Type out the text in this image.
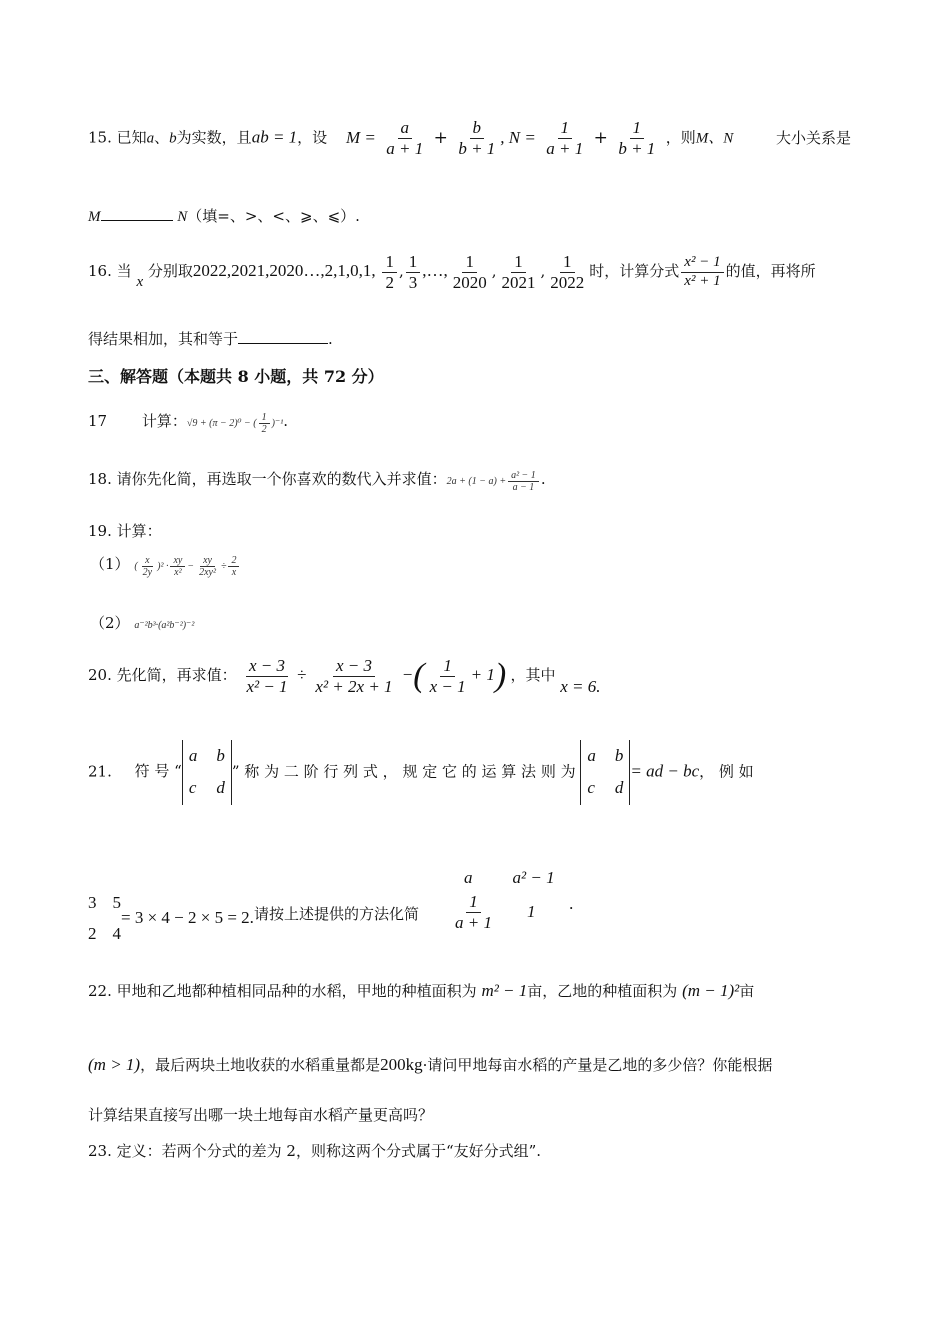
15. 已知a、b为实数，且ab = 1，设 $M = \frac{a}{a + 1} + \frac{b}{b + 1}$ , $N = \frac{1}{a + 1} + \frac{1}{b + 1}$ ，则M、N	大小关系是
M	N（填=、>、<、⩾、⩽）.
16. 当 x 分别取2022,2021,2020…,2,1,0,1, $\frac{1}{2}$ , $\frac{1}{3}$ ,…, $\frac{1}{2020}$ , $\frac{1}{2021}$ , $\frac{1}{2022}$ 时，计算分式 $\frac{\text{x² − 1}}{\text{x² + 1}}$ 的值，再将所
得结果相加，其和等于	.
三、解答题（本题共 8 小题，共 72 分）
17 计算：√9 + (π − 2)⁰ − ( $\frac{1}{2} )^{-1}$.
18. 请你先化简，再选取一个你喜欢的数代入并求值：$2a + (1 - a) + \frac{\text{a² − 1}}{a - 1}$ .
19. 计算：
（1） ( $\frac{x}{2y} )^2 \cdot \frac{xy}{\text{x²}} - \frac{xy}{\text{2xy²}} \div \frac{2}{x}$
（2） a⁻²b³·(a²b⁻²)⁻²
20. 先化简，再求值： $\frac{x - 3}{\text{x² − 1}} \div \frac{x - 3}{\text{x² + 2x + 1}}$ −( $\frac{1}{x - 1} + 1$) ，其中 x = 6.
21. 符 号 “
a b
c d
” 称 为 二 阶 行 列 式 ， 规 定 它 的 运 算 法 则 为
a b
c d
= ad − bc， 例 如
3 5
2 4
= 3 × 4 − 2 × 5 = 2.请按上述提供的方法化简
a a² − 1
$\frac{1}{a + 1} 1$ .
22. 甲地和乙地都种植相同品种的水稻，甲地的种植面积为 m² − 1亩，乙地的种植面积为 (m − 1)²亩
(m > 1)，最后两块土地收获的水稻重量都是200kg·请问甲地每亩水稻的产量是乙地的多少倍？你能根据
计算结果直接写出哪一块土地每亩水稻产量更高吗？
23. 定义：若两个分式的差为 2，则称这两个分式属于“友好分式组”.
